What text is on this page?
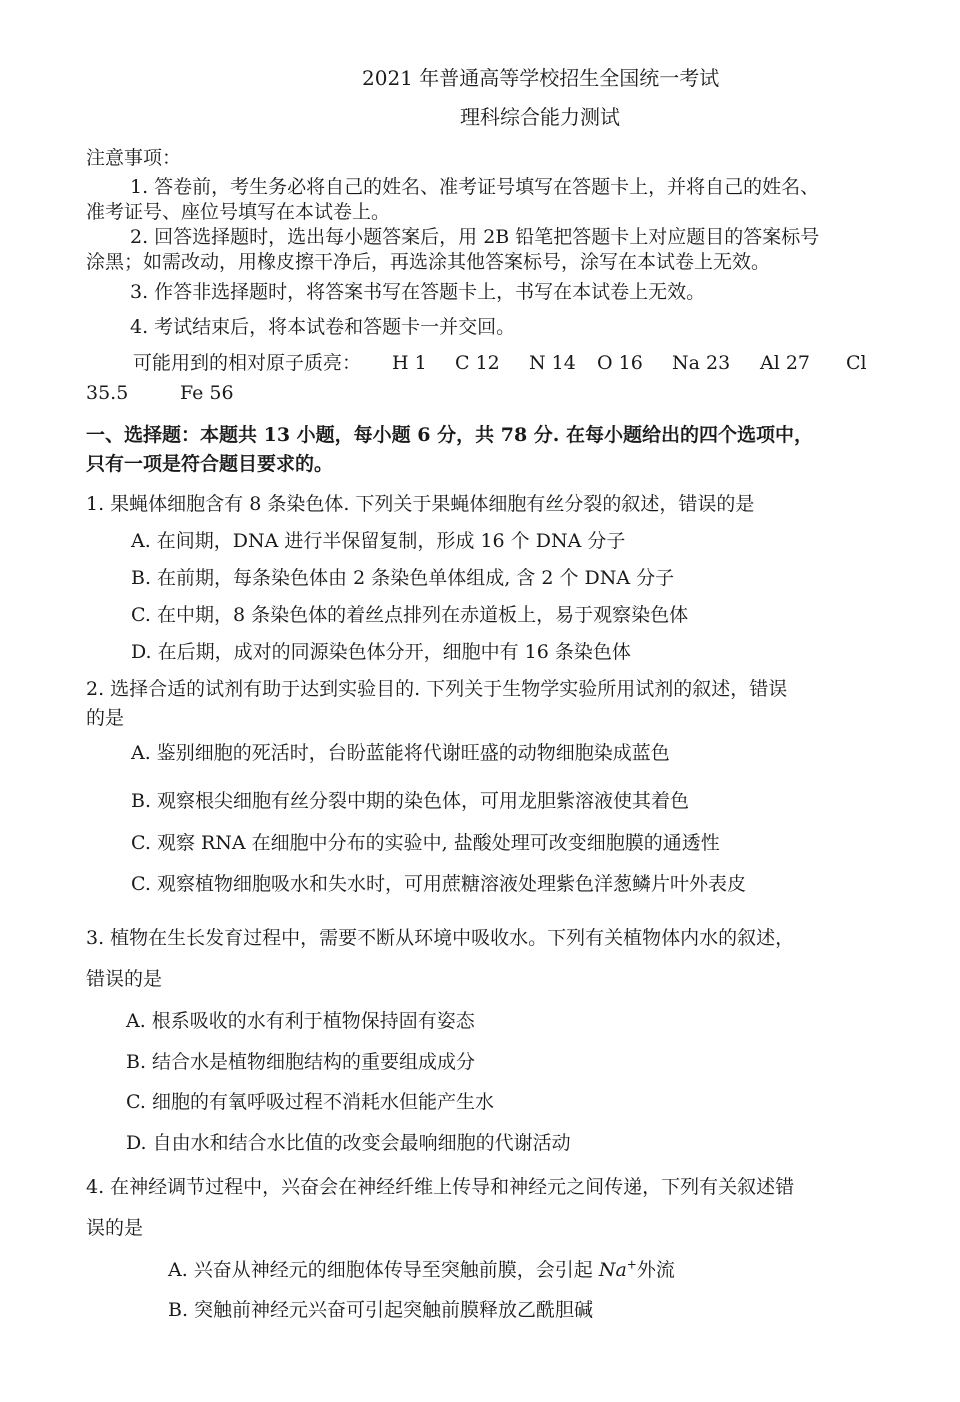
2021 年普通高等学校招生全国统一考试
理科综合能力测试
注意事项：
1. 答卷前，考生务必将自己的姓名、准考证号填写在答题卡上，并将自己的姓名、
准考证号、座位号填写在本试卷上。
2. 回答选择题时，选出每小题答案后，用 2B 铅笔把答题卡上对应题目的答案标号
涂黑；如需改动，用橡皮擦干净后，再选涂其他答案标号，涂写在本试卷上无效。
3. 作答非选择题时，将答案书写在答题卡上，书写在本试卷上无效。
4. 考试结束后，将本试卷和答题卡一并交回。
可能用到的相对原子质亮： H 1 C 12 N 14 O 16 Na 23 Al 27 Cl
35.5	Fe 56
一、选择题：本题共 13 小题，每小题 6 分，共 78 分. 在每小题给出的四个选项中，
只有一项是符合题目要求的。
1. 果蝇体细胞含有 8 条染色体. 下列关于果蝇体细胞有丝分裂的叙述，错误的是
A. 在间期，DNA 进行半保留复制，形成 16 个 DNA 分子
B. 在前期，每条染色体由 2 条染色单体组成, 含 2 个 DNA 分子
C. 在中期，8 条染色体的着丝点排列在赤道板上，易于观察染色体
D. 在后期，成对的同源染色体分开，细胞中有 16 条染色体
2. 选择合适的试剂有助于达到实验目的. 下列关于生物学实验所用试剂的叙述，错误
的是
A. 鉴别细胞的死活时，台盼蓝能将代谢旺盛的动物细胞染成蓝色
B. 观察根尖细胞有丝分裂中期的染色体，可用龙胆紫溶液使其着色
C. 观察 RNA 在细胞中分布的实验中, 盐酸处理可改变细胞膜的通透性
C. 观察植物细胞吸水和失水时，可用蔗糖溶液处理紫色洋葱鳞片叶外表皮
3. 植物在生长发育过程中，需要不断从环境中吸收水。下列有关植物体内水的叙述，
错误的是
A. 根系吸收的水有利于植物保持固有姿态
B. 结合水是植物细胞结构的重要组成成分
C. 细胞的有氧呼吸过程不消耗水但能产生水
D. 自由水和结合水比值的改变会最响细胞的代谢活动
4. 在神经调节过程中，兴奋会在神经纤维上传导和神经元之间传递，下列有关叙述错
误的是
A. 兴奋从神经元的细胞体传导至突触前膜，会引起 Na+外流
B. 突触前神经元兴奋可引起突触前膜释放乙酰胆碱
